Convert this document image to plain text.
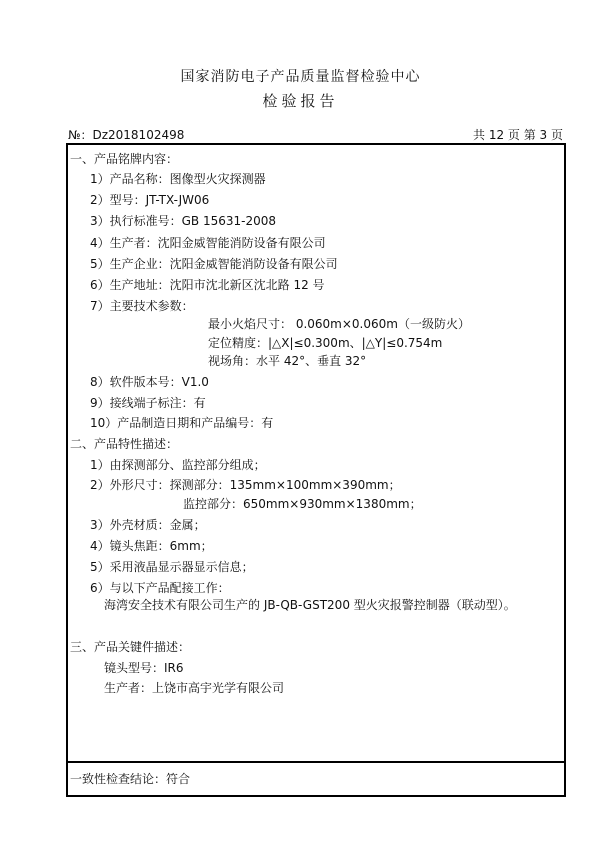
国家消防电子产品质量监督检验中心
检验报告
№：Dz2018102498	共 12 页 第 3 页
一、产品铭牌内容：
1）产品名称：图像型火灾探测器
2）型号：JT-TX-JW06
3）执行标准号：GB 15631-2008
4）生产者：沈阳金威智能消防设备有限公司
5）生产企业：沈阳金威智能消防设备有限公司
6）生产地址：沈阳市沈北新区沈北路 12 号
7）主要技术参数：
最小火焰尺寸： 0.060m×0.060m（一级防火）
定位精度：|△X|≤0.300m、|△Y|≤0.754m
视场角：水平 42°、垂直 32°
8）软件版本号：V1.0
9）接线端子标注：有
10）产品制造日期和产品编号：有
二、产品特性描述：
1）由探测部分、监控部分组成；
2）外形尺寸：探测部分：135mm×100mm×390mm；
监控部分：650mm×930mm×1380mm；
3）外壳材质：金属；
4）镜头焦距：6mm；
5）采用液晶显示器显示信息；
6）与以下产品配接工作：
海湾安全技术有限公司生产的 JB-QB-GST200 型火灾报警控制器（联动型）。
三、产品关键件描述：
镜头型号：IR6
生产者：上饶市高宇光学有限公司
一致性检查结论：符合
